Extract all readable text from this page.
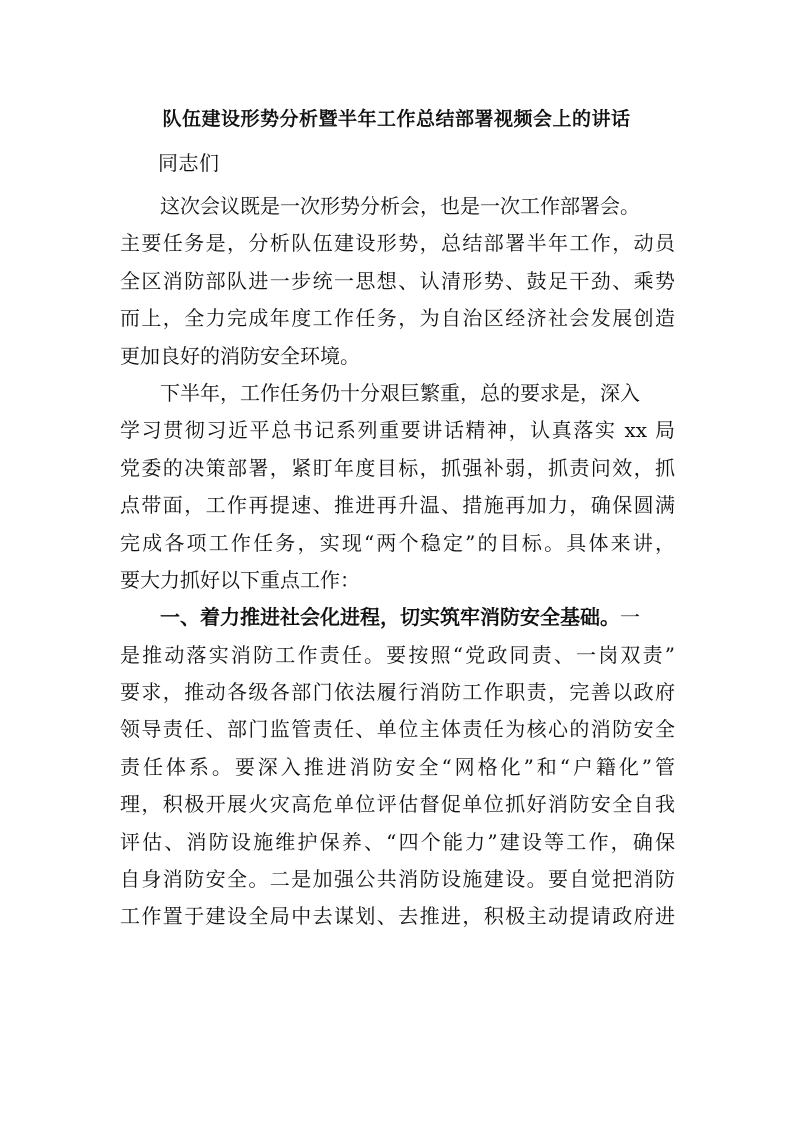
队伍建设形势分析暨半年工作总结部署视频会上的讲话
同志们
　　这次会议既是一次形势分析会，也是一次工作部署会。
主要任务是，分析队伍建设形势，总结部署半年工作，动员
全区消防部队进一步统一思想、认清形势、鼓足干劲、乘势
而上，全力完成年度工作任务，为自治区经济社会发展创造
更加良好的消防安全环境。
　　下半年，工作任务仍十分艰巨繁重，总的要求是，深入
学习贯彻习近平总书记系列重要讲话精神，认真落实 xx 局
党委的决策部署，紧盯年度目标，抓强补弱，抓责问效，抓
点带面，工作再提速、推进再升温、措施再加力，确保圆满
完成各项工作任务，实现“两个稳定”的目标。具体来讲，
要大力抓好以下重点工作：
　　一、着力推进社会化进程，切实筑牢消防安全基础。一
是推动落实消防工作责任。要按照“党政同责、一岗双责”
要求，推动各级各部门依法履行消防工作职责，完善以政府
领导责任、部门监管责任、单位主体责任为核心的消防安全
责任体系。要深入推进消防安全“网格化”和“户籍化”管
理，积极开展火灾高危单位评估督促单位抓好消防安全自我
评估、消防设施维护保养、“四个能力”建设等工作，确保
自身消防安全。二是加强公共消防设施建设。要自觉把消防
工作置于建设全局中去谋划、去推进，积极主动提请政府进
